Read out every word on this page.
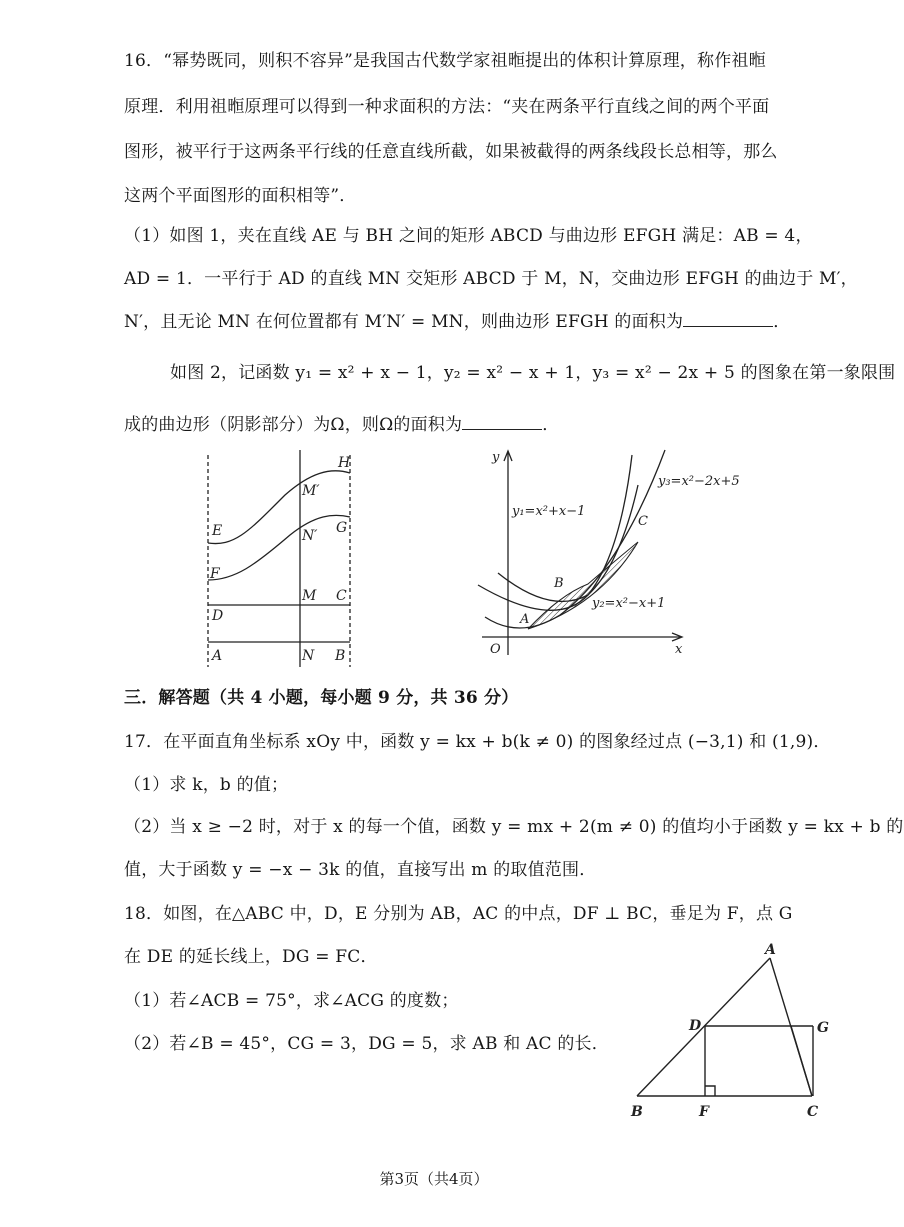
16．“幂势既同，则积不容异”是我国古代数学家祖暅提出的体积计算原理，称作祖暅
原理．利用祖暅原理可以得到一种求面积的方法：“夹在两条平行直线之间的两个平面
图形，被平行于这两条平行线的任意直线所截，如果被截得的两条线段长总相等，那么
这两个平面图形的面积相等”．
（1）如图 1，夹在直线 AE 与 BH 之间的矩形 ABCD 与曲边形 EFGH 满足：AB = 4，
AD = 1．一平行于 AD 的直线 MN 交矩形 ABCD 于 M，N，交曲边形 EFGH 的曲边于 M′，
N′，且无论 MN 在何位置都有 M′N′ = MN，则曲边形 EFGH 的面积为	．
如图 2，记函数 y₁ = x² + x − 1，y₂ = x² − x + 1，y₃ = x² − 2x + 5 的图象在第一象限围
成的曲边形（阴影部分）为Ω，则Ω的面积为	．
H
M′
E	N′ G
F
M C
D
A	N B
y
x
O
y₃=x²−2x+5
y₁=x²+x−1
y₂=x²−x+1
A
B
C
三．解答题（共 4 小题，每小题 9 分，共 36 分）
17．在平面直角坐标系 xOy 中，函数 y = kx + b(k ≠ 0) 的图象经过点 (−3,1) 和 (1,9)．
（1）求 k，b 的值；
（2）当 x ≥ −2 时，对于 x 的每一个值，函数 y = mx + 2(m ≠ 0) 的值均小于函数 y = kx + b 的
值，大于函数 y = −x − 3k 的值，直接写出 m 的取值范围．
18．如图，在△ABC 中，D，E 分别为 AB，AC 的中点，DF ⊥ BC，垂足为 F，点 G
在 DE 的延长线上，DG = FC．
（1）若∠ACB = 75°，求∠ACG 的度数；
（2）若∠B = 45°，CG = 3，DG = 5，求 AB 和 AC 的长．
A
D	G
B	F	C
第3页（共4页）
